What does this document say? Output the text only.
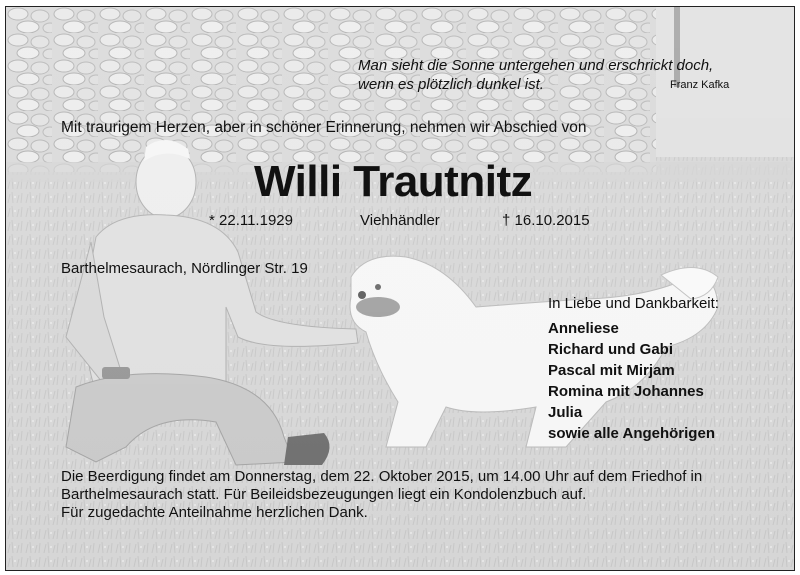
Man sieht die Sonne untergehen und erschrickt doch,
wenn es plötzlich dunkel ist.	Franz Kafka
Mit traurigem Herzen, aber in schöner Erinnerung, nehmen wir Abschied von
Willi Trautnitz
* 22.11.1929	Viehhändler	† 16.10.2015
Barthelmesaurach, Nördlinger Str. 19
In Liebe und Dankbarkeit:
Anneliese
Richard und Gabi
Pascal mit Mirjam
Romina mit Johannes
Julia
sowie alle Angehörigen
Die Beerdigung findet am Donnerstag, dem 22. Oktober 2015, um 14.00 Uhr auf dem Friedhof in
Barthelmesaurach statt. Für Beileidsbezeugungen liegt ein Kondolenzbuch auf.
Für zugedachte Anteilnahme herzlichen Dank.
